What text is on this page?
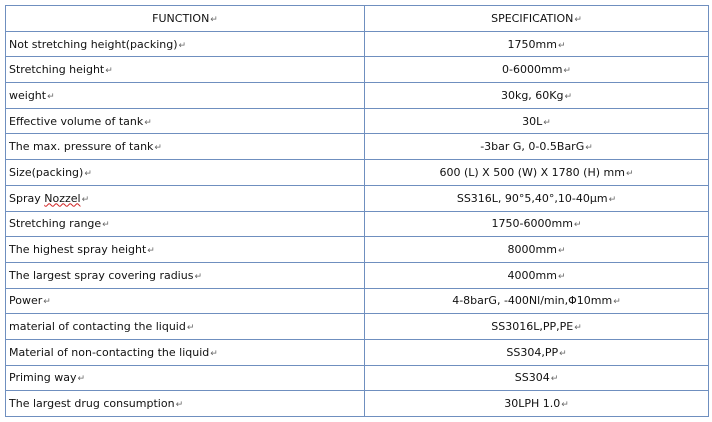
FUNCTION↵	SPECIFICATION↵
Not stretching height(packing)↵	1750mm↵
Stretching height↵	0-6000mm↵
weight↵	30kg, 60Kg↵
Effective volume of tank↵	30L↵
The max. pressure of tank↵	-3bar G, 0-0.5BarG↵
Size(packing)↵	600 (L) X 500 (W) X 1780 (H) mm↵
Spray Nozzel↵	SS316L, 90°5,40°,10-40μm↵
Stretching range↵	1750-6000mm↵
The highest spray height↵	8000mm↵
The largest spray covering radius↵	4000mm↵
Power↵	4-8barG, -400Nl/min,Φ10mm↵
material of contacting the liquid↵	SS3016L,PP,PE↵
Material of non-contacting the liquid↵	SS304,PP↵
Priming way↵	SS304↵
The largest drug consumption↵	30LPH 1.0↵
